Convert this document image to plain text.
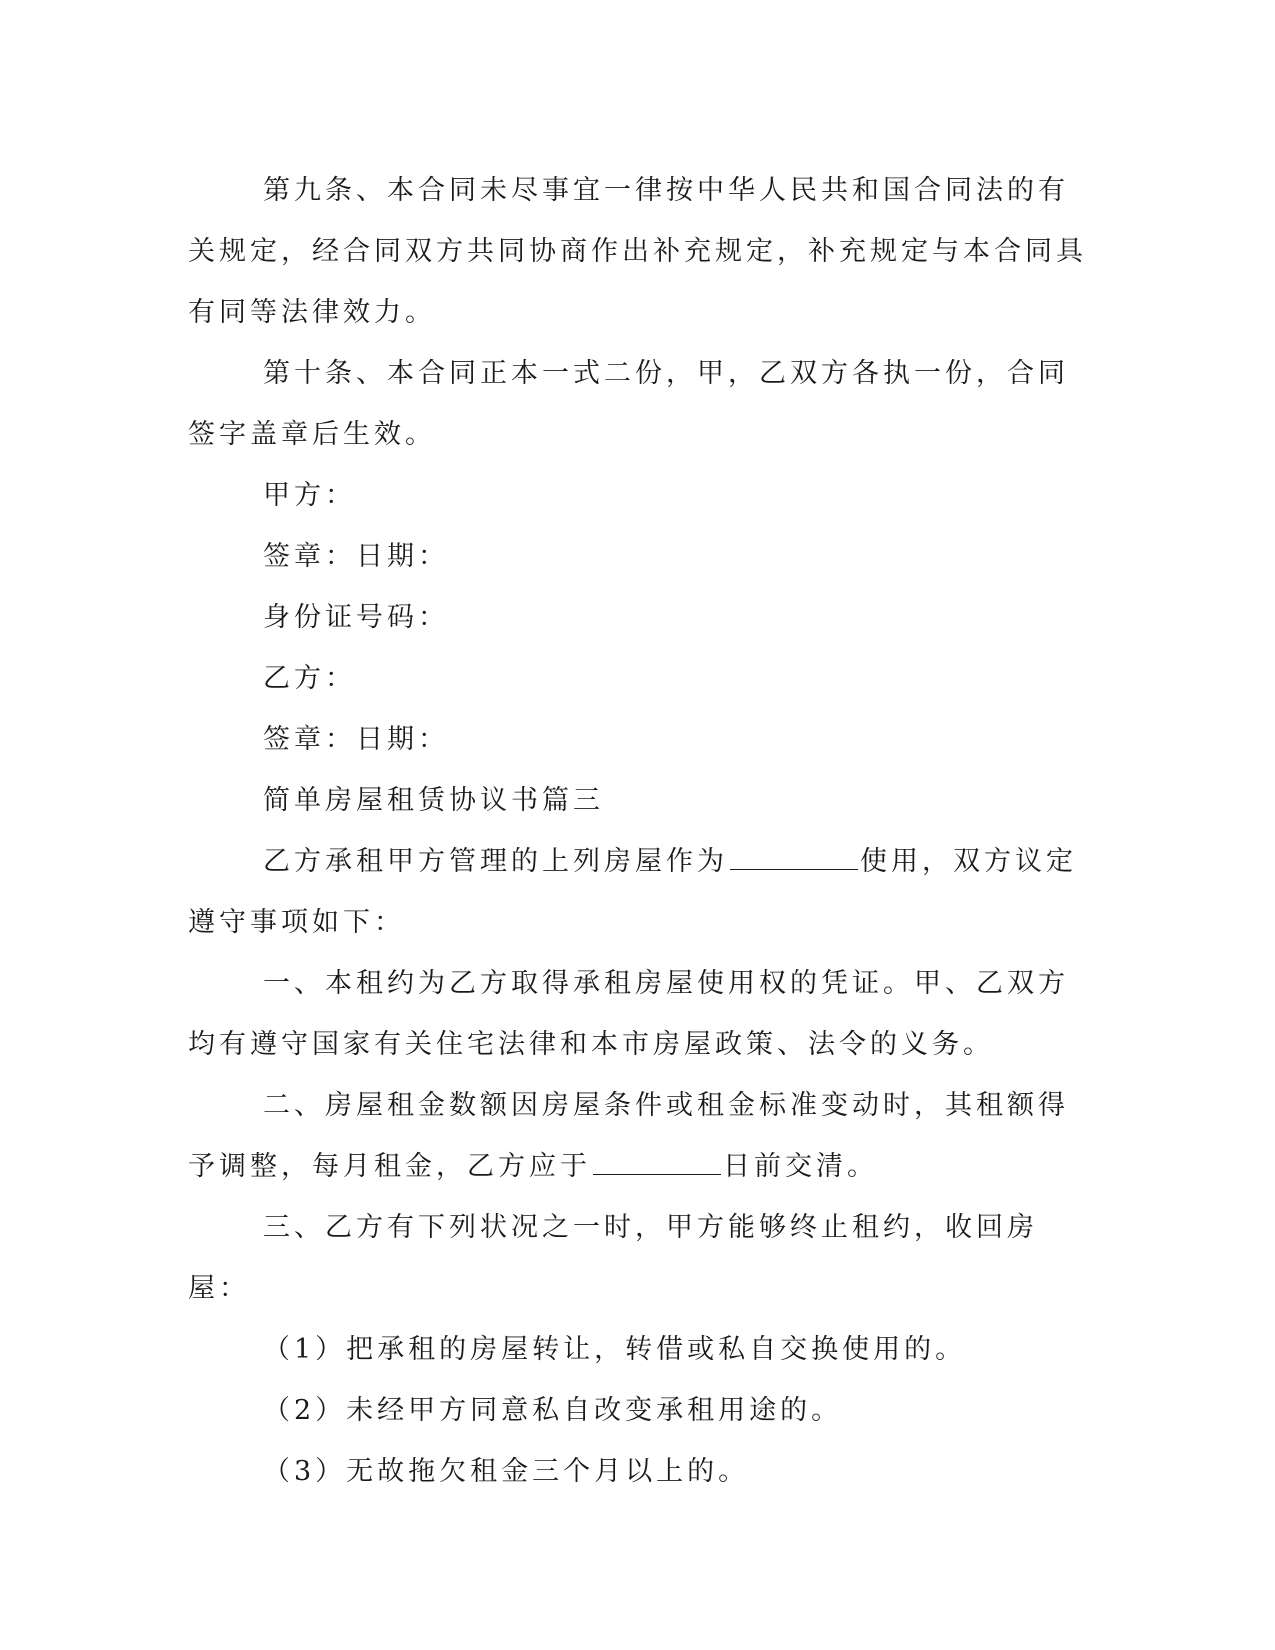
第九条、本合同未尽事宜一律按中华人民共和国合同法的有关规定，经合同双方共同协商作出补充规定，补充规定与本合同具有同等法律效力。

第十条、本合同正本一式二份，甲，乙双方各执一份，合同签字盖章后生效。

甲方：

签章：日期：

身份证号码：

乙方：

签章：日期：

简单房屋租赁协议书篇三

乙方承租甲方管理的上列房屋作为	使用，双方议定遵守事项如下：

一、本租约为乙方取得承租房屋使用权的凭证。甲、乙双方均有遵守国家有关住宅法律和本市房屋政策、法令的义务。

二、房屋租金数额因房屋条件或租金标准变动时，其租额得予调整，每月租金，乙方应于	日前交清。

三、乙方有下列状况之一时，甲方能够终止租约，收回房屋：

（1）把承租的房屋转让，转借或私自交换使用的。

（2）未经甲方同意私自改变承租用途的。

（3）无故拖欠租金三个月以上的。
